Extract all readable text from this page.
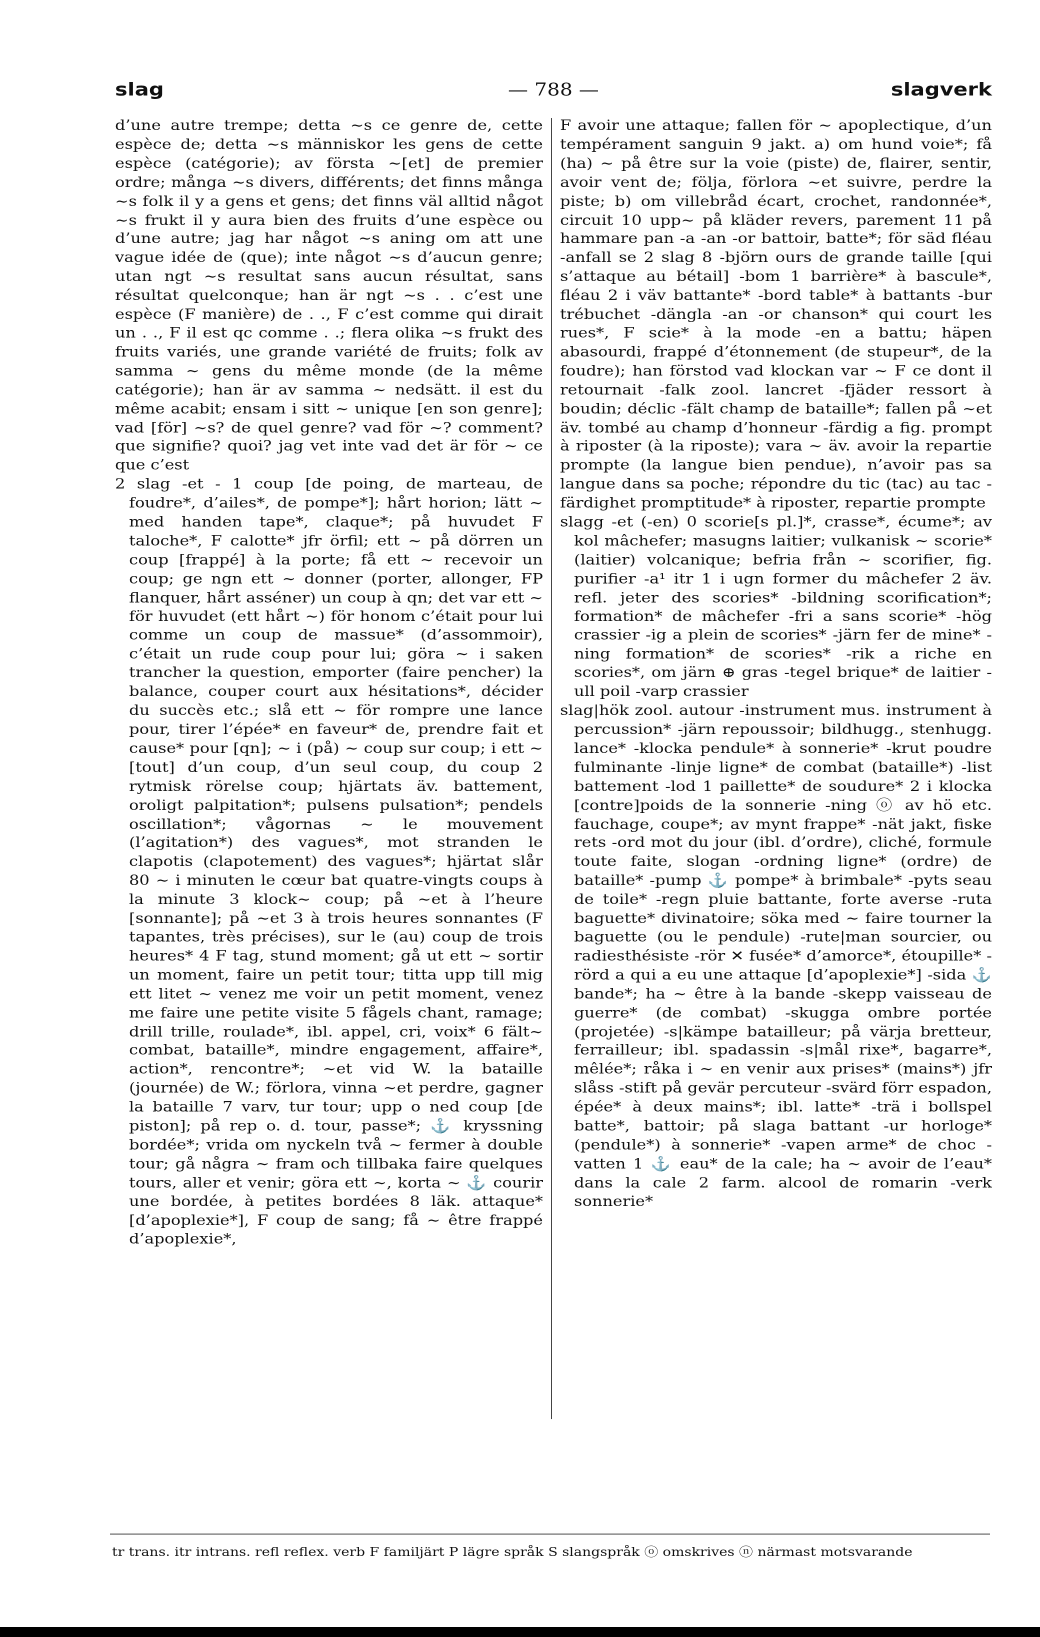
slag	— 788 —	slagverk

d’une autre trempe; detta ∼s ce genre de, cette espèce de; detta ∼s människor les gens de cette espèce (catégorie); av första ∼[et] de premier ordre; många ∼s divers, différents; det finns många ∼s folk il y a gens et gens; det finns väl alltid något ∼s frukt il y aura bien des fruits d’une espèce ou d’une autre; jag har något ∼s aning om att une vague idée de (que); inte något ∼s d’aucun genre; utan ngt ∼s resultat sans aucun résultat, sans résultat quelconque; han är ngt ∼s . . c’est une espèce (F manière) de . ., F c’est comme qui dirait un . ., F il est qc comme . .; flera olika ∼s frukt des fruits variés, une grande variété de fruits; folk av samma ∼ gens du même monde (de la même catégorie); han är av samma ∼ nedsätt. il est du même acabit; ensam i sitt ∼ unique [en son genre]; vad [för] ∼s? de quel genre? vad för ∼? comment? que signifie? quoi? jag vet inte vad det är för ∼ ce que c’est

2 slag -et - 1 coup [de poing, de marteau, de foudre*, d’ailes*, de pompe*]; hårt horion; lätt ∼ med handen tape*, claque*; på huvudet F taloche*, F calotte* jfr örfil; ett ∼ på dörren un coup [frappé] à la porte; få ett ∼ recevoir un coup; ge ngn ett ∼ donner (porter, allonger, FP flanquer, hårt asséner) un coup à qn; det var ett ∼ för huvudet (ett hårt ∼) för honom c’était pour lui comme un coup de massue* (d’assommoir), c’était un rude coup pour lui; göra ∼ i saken trancher la question, emporter (faire pencher) la balance, couper court aux hésitations*, décider du succès etc.; slå ett ∼ för rompre une lance pour, tirer l’épée* en faveur* de, prendre fait et cause* pour [qn]; ∼ i (på) ∼ coup sur coup; i ett ∼ [tout] d’un coup, d’un seul coup, du coup 2 rytmisk rörelse coup; hjärtats äv. battement, oroligt palpitation*; pulsens pulsation*; pendels oscillation*; vågornas ∼ le mouvement (l’agitation*) des vagues*, mot stranden le clapotis (clapotement) des vagues*; hjärtat slår 80 ∼ i minuten le cœur bat quatre-vingts coups à la minute 3 klock∼ coup; på ∼et à l’heure [sonnante]; på ∼et 3 à trois heures sonnantes (F tapantes, très précises), sur le (au) coup de trois heures* 4 F tag, stund moment; gå ut ett ∼ sortir un moment, faire un petit tour; titta upp till mig ett litet ∼ venez me voir un petit moment, venez me faire une petite visite 5 fågels chant, ramage; drill trille, roulade*, ibl. appel, cri, voix* 6 fält∼ combat, bataille*, mindre engagement, affaire*, action*, rencontre*; ∼et vid W. la bataille (journée) de W.; förlora, vinna ∼et perdre, gagner la bataille 7 varv, tur tour; upp o ned coup [de piston]; på rep o. d. tour, passe*; ⚓ kryssning bordée*; vrida om nyckeln två ∼ fermer à double tour; gå några ∼ fram och tillbaka faire quelques tours, aller et venir; göra ett ∼, korta ∼ ⚓ courir une bordée, à petites bordées 8 läk. attaque* [d’apoplexie*], F coup de sang; få ∼ être frappé d’apoplexie*,

F avoir une attaque; fallen för ∼ apoplectique, d’un tempérament sanguin 9 jakt. a) om hund voie*; få (ha) ∼ på être sur la voie (piste) de, flairer, sentir, avoir vent de; följa, förlora ∼et suivre, perdre la piste; b) om villebråd écart, crochet, randonnée*, circuit 10 upp∼ på kläder revers, parement 11 på hammare pan -a -an -or battoir, batte*; för säd fléau -anfall se 2 slag 8 -björn ours de grande taille [qui s’attaque au bétail] -bom 1 barrière* à bascule*, fléau 2 i väv battante* -bord table* à battants -bur trébuchet -dängla -an -or chanson* qui court les rues*, F scie* à la mode -en a battu; häpen abasourdi, frappé d’étonnement (de stupeur*, de la foudre); han förstod vad klockan var ∼ F ce dont il retournait -falk zool. lancret -fjäder ressort à boudin; déclic -fält champ de bataille*; fallen på ∼et äv. tombé au champ d’honneur -färdig a fig. prompt à riposter (à la riposte); vara ∼ äv. avoir la repartie prompte (la langue bien pendue), n’avoir pas sa langue dans sa poche; répondre du tic (tac) au tac -färdighet promptitude* à riposter, repartie prompte

slagg -et (-en) 0 scorie[s pl.]*, crasse*, écume*; av kol mâchefer; masugns laitier; vulkanisk ∼ scorie* (laitier) volcanique; befria från ∼ scorifier, fig. purifier -a¹ itr 1 i ugn former du mâchefer 2 äv. refl. jeter des scories* -bildning scorification*; formation* de mâchefer -fri a sans scorie* -hög crassier -ig a plein de scories* -järn fer de mine* -ning formation* de scories* -rik a riche en scories*, om järn ⊕ gras -tegel brique* de laitier -ull poil -varp crassier

slag|hök zool. autour -instrument mus. instrument à percussion* -järn repoussoir; bildhugg., stenhugg. lance* -klocka pendule* à sonnerie* -krut poudre fulminante -linje ligne* de combat (bataille*) -list battement -lod 1 paillette* de soudure* 2 i klocka [contre]poids de la sonnerie -ning ⓞ av hö etc. fauchage, coupe*; av mynt frappe* -nät jakt, fiske rets -ord mot du jour (ibl. d’ordre), cliché, formule toute faite, slogan -ordning ligne* (ordre) de bataille* -pump ⚓ pompe* à brimbale* -pyts seau de toile* -regn pluie battante, forte averse -ruta baguette* divinatoire; söka med ∼ faire tourner la baguette (ou le pendule) -rute|man sourcier, ou radiesthésiste -rör ✕ fusée* d’amorce*, étoupille* -rörd a qui a eu une attaque [d’apoplexie*] -sida ⚓ bande*; ha ∼ être à la bande -skepp vaisseau de guerre* (de combat) -skugga ombre portée (projetée) -s|kämpe batailleur; på värja bretteur, ferrailleur; ibl. spadassin -s|mål rixe*, bagarre*, mêlée*; råka i ∼ en venir aux prises* (mains*) jfr slåss -stift på gevär percuteur -svärd förr espadon, épée* à deux mains*; ibl. latte* -trä i bollspel batte*, battoir; på slaga battant -ur horloge* (pendule*) à sonnerie* -vapen arme* de choc -vatten 1 ⚓ eau* de la cale; ha ∼ avoir de l’eau* dans la cale 2 farm. alcool de romarin -verk sonnerie*

tr trans. itr intrans. refl reflex. verb F familjärt P lägre språk S slangspråk ⓞ omskrives ⓝ närmast motsvarande
